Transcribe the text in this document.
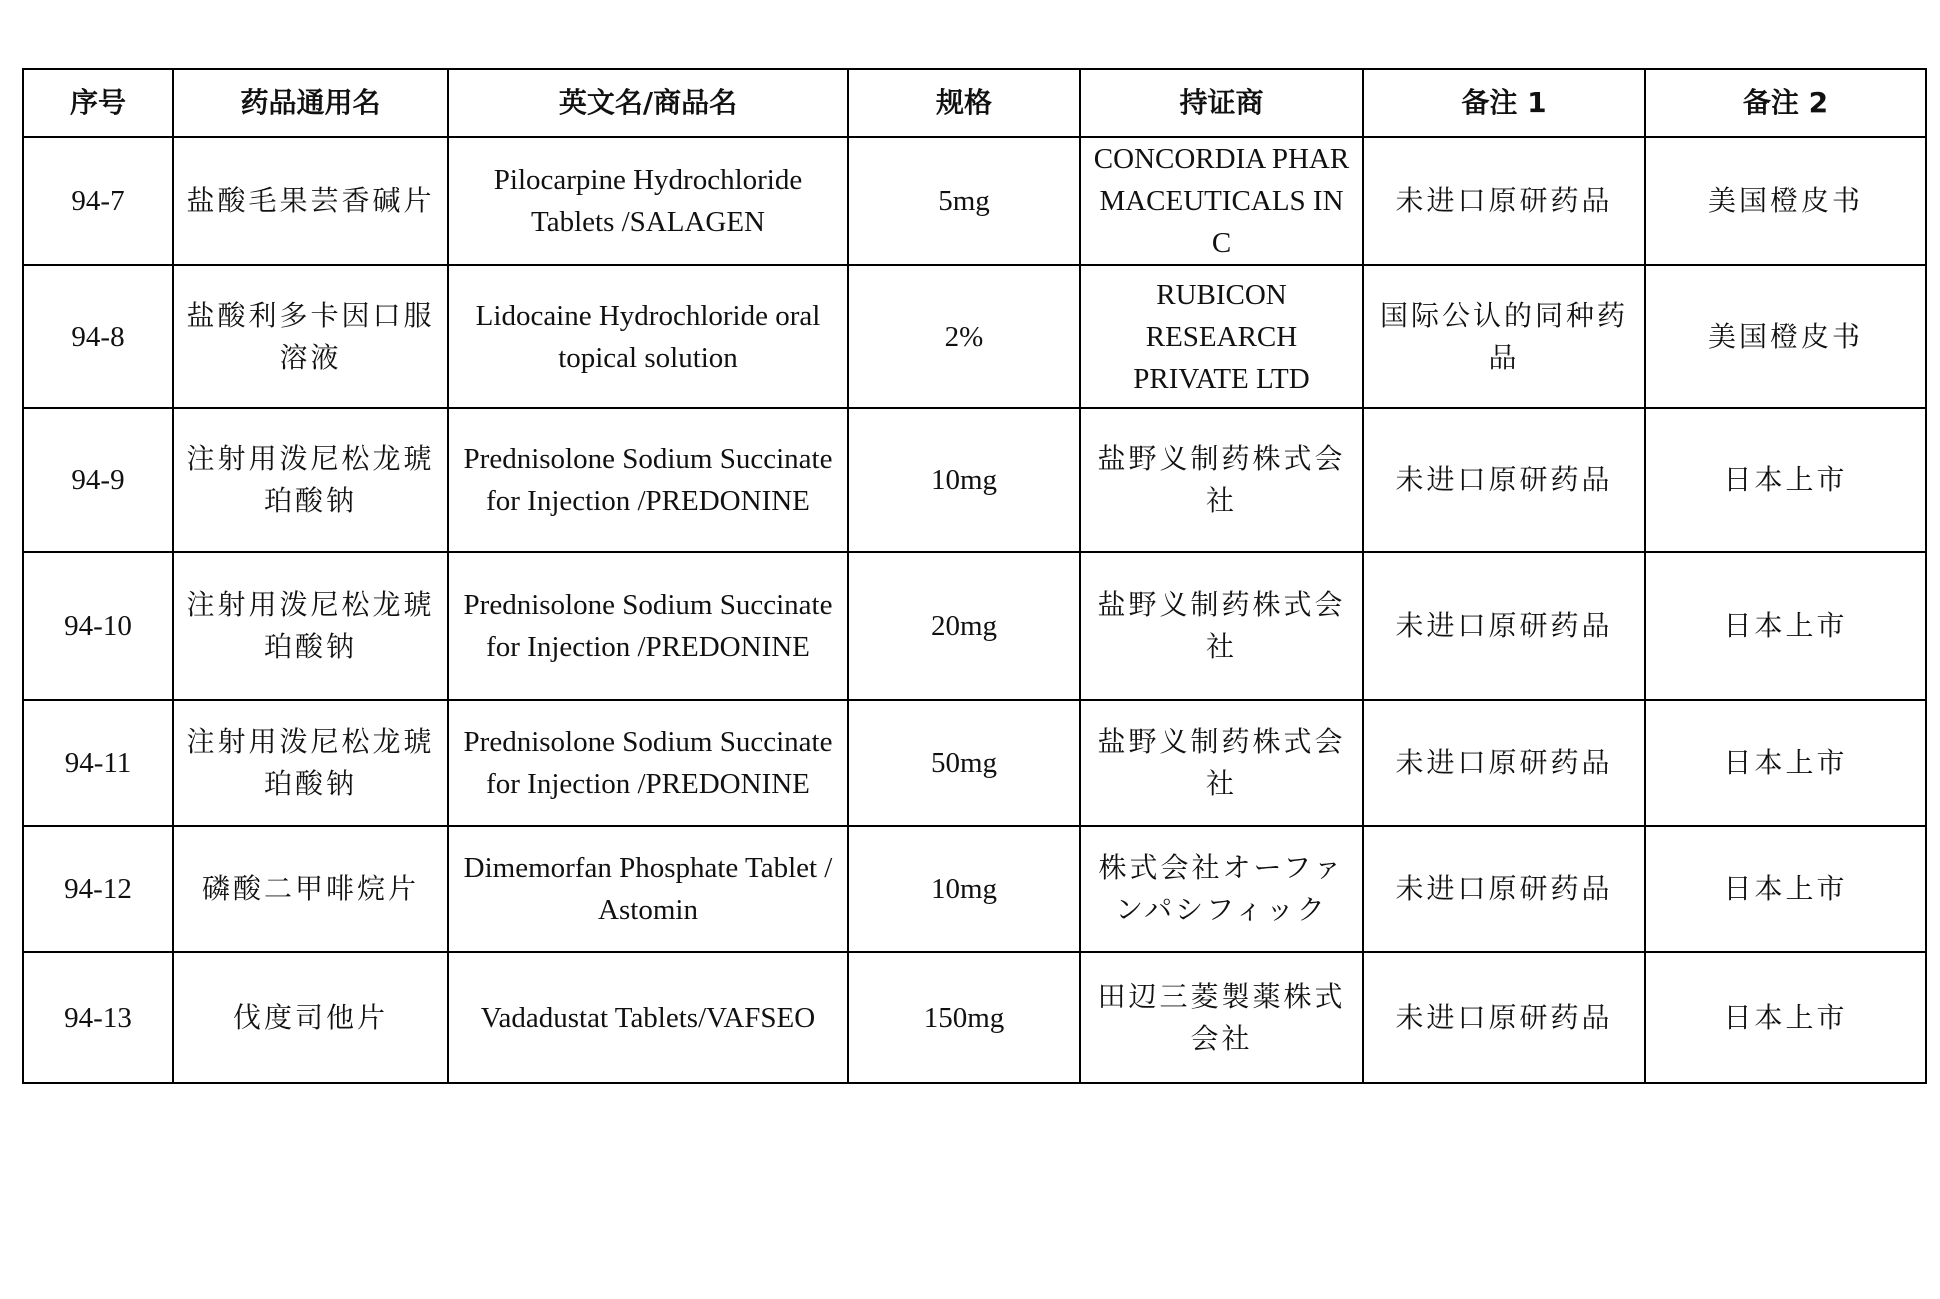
序号	药品通用名	英文名/商品名	规格	持证商	备注 1	备注 2
94-7	盐酸毛果芸香碱片	Pilocarpine Hydrochloride Tablets /SALAGEN	5mg	CONCORDIA PHARMACEUTICALS INC	未进口原研药品	美国橙皮书
94-8	盐酸利多卡因口服溶液	Lidocaine Hydrochloride oral topical solution	2%	RUBICON RESEARCH PRIVATE LTD	国际公认的同种药品	美国橙皮书
94-9	注射用泼尼松龙琥珀酸钠	Prednisolone Sodium Succinate for Injection /PREDONINE	10mg	盐野义制药株式会社	未进口原研药品	日本上市
94-10	注射用泼尼松龙琥珀酸钠	Prednisolone Sodium Succinate for Injection /PREDONINE	20mg	盐野义制药株式会社	未进口原研药品	日本上市
94-11	注射用泼尼松龙琥珀酸钠	Prednisolone Sodium Succinate for Injection /PREDONINE	50mg	盐野义制药株式会社	未进口原研药品	日本上市
94-12	磷酸二甲啡烷片	Dimemorfan Phosphate Tablet / Astomin	10mg	株式会社オーファンパシフィック	未进口原研药品	日本上市
94-13	伐度司他片	Vadadustat Tablets/VAFSEO	150mg	田辺三菱製薬株式会社	未进口原研药品	日本上市
